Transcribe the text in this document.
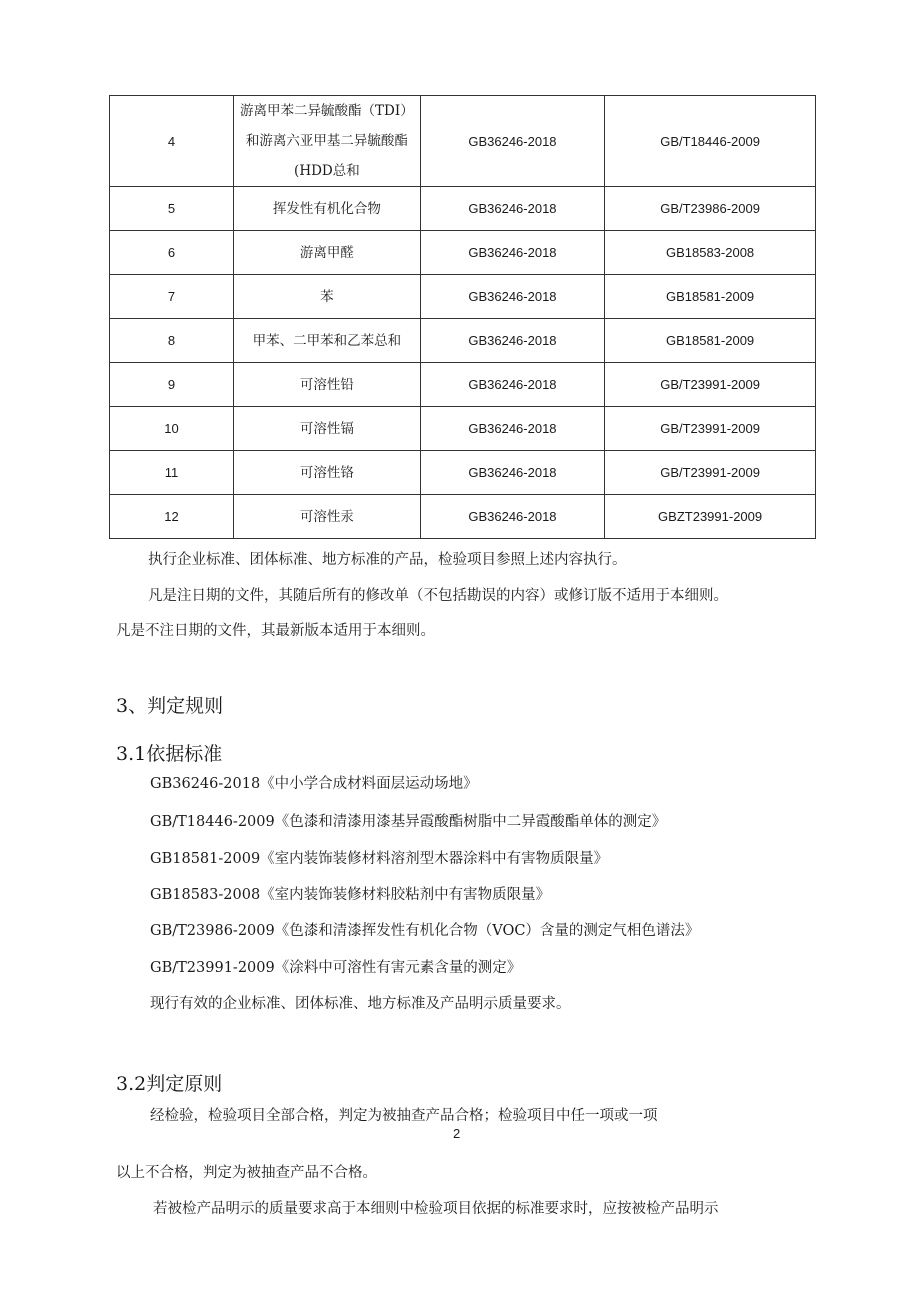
4	游离甲苯二异毓酸酯（TDI）
和游离六亚甲基二异毓酸酯
(HDD总和	GB36246-2018	GB/T18446-2009
5	挥发性有机化合物	GB36246-2018	GB/T23986-2009
6	游离甲醛	GB36246-2018	GB18583-2008
7	苯	GB36246-2018	GB18581-2009
8	甲苯、二甲苯和乙苯总和	GB36246-2018	GB18581-2009
9	可溶性铅	GB36246-2018	GB/T23991-2009
10	可溶性镉	GB36246-2018	GB/T23991-2009
11	可溶性铬	GB36246-2018	GB/T23991-2009
12	可溶性汞	GB36246-2018	GBZT23991-2009
执行企业标准、团体标准、地方标准的产品，检验项目参照上述内容执行。
凡是注日期的文件，其随后所有的修改单（不包括勘误的内容）或修订版不适用于本细则。
凡是不注日期的文件，其最新版本适用于本细则。
3、判定规则
3.1依据标准
GB36246-2018《中小学合成材料面层运动场地》
GB/T18446-2009《色漆和清漆用漆基异霞酸酯树脂中二异霞酸酯单体的测定》
GB18581-2009《室内装饰装修材料溶剂型木器涂料中有害物质限量》
GB18583-2008《室内装饰装修材料胶粘剂中有害物质限量》
GB/T23986-2009《色漆和清漆挥发性有机化合物（VOC）含量的测定气相色谱法》
GB/T23991-2009《涂料中可溶性有害元素含量的测定》
现行有效的企业标准、团体标准、地方标准及产品明示质量要求。
3.2判定原则
经检验，检验项目全部合格，判定为被抽查产品合格；检验项目中任一项或一项
2
以上不合格，判定为被抽查产品不合格。
若被检产品明示的质量要求高于本细则中检验项目依据的标准要求时，应按被检产品明示
